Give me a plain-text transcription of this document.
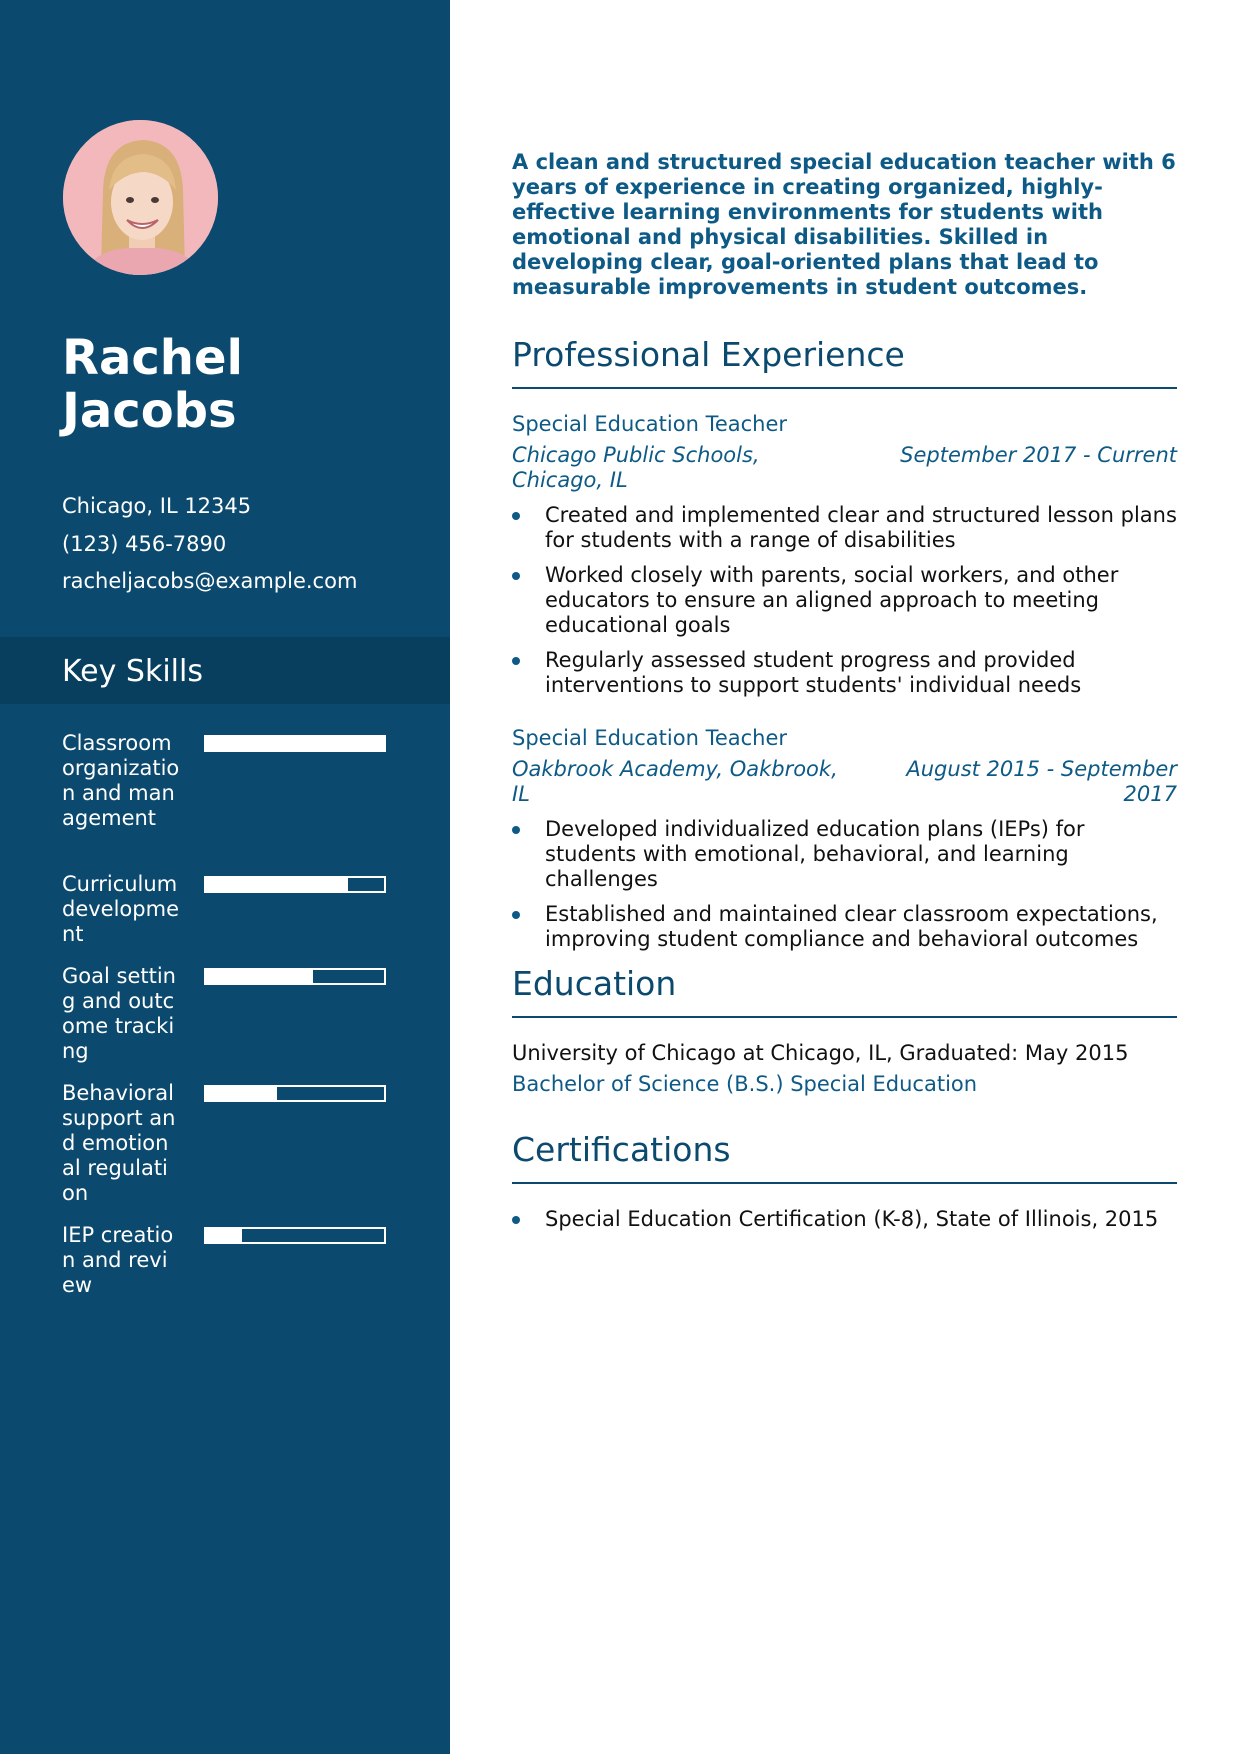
Rachel
Jacobs
Chicago, IL 12345
(123) 456-7890
racheljacobs@example.com
Key Skills
Classroom organization and management
Curriculum development
Goal setting and outcome tracking
Behavioral support and emotional regulation
IEP creation and review

A clean and structured special education teacher with 6 years of experience in creating organized, highly-effective learning environments for students with emotional and physical disabilities. Skilled in developing clear, goal-oriented plans that lead to measurable improvements in student outcomes.

Professional Experience
Special Education Teacher
Chicago Public Schools, Chicago, IL
September 2017 - Current
Created and implemented clear and structured lesson plans for students with a range of disabilities
Worked closely with parents, social workers, and other educators to ensure an aligned approach to meeting educational goals
Regularly assessed student progress and provided interventions to support students' individual needs
Special Education Teacher
Oakbrook Academy, Oakbrook, IL
August 2015 - September 2017
Developed individualized education plans (IEPs) for students with emotional, behavioral, and learning challenges
Established and maintained clear classroom expectations, improving student compliance and behavioral outcomes
Education
University of Chicago at Chicago, IL, Graduated: May 2015
Bachelor of Science (B.S.) Special Education
Certifications
Special Education Certification (K-8), State of Illinois, 2015
